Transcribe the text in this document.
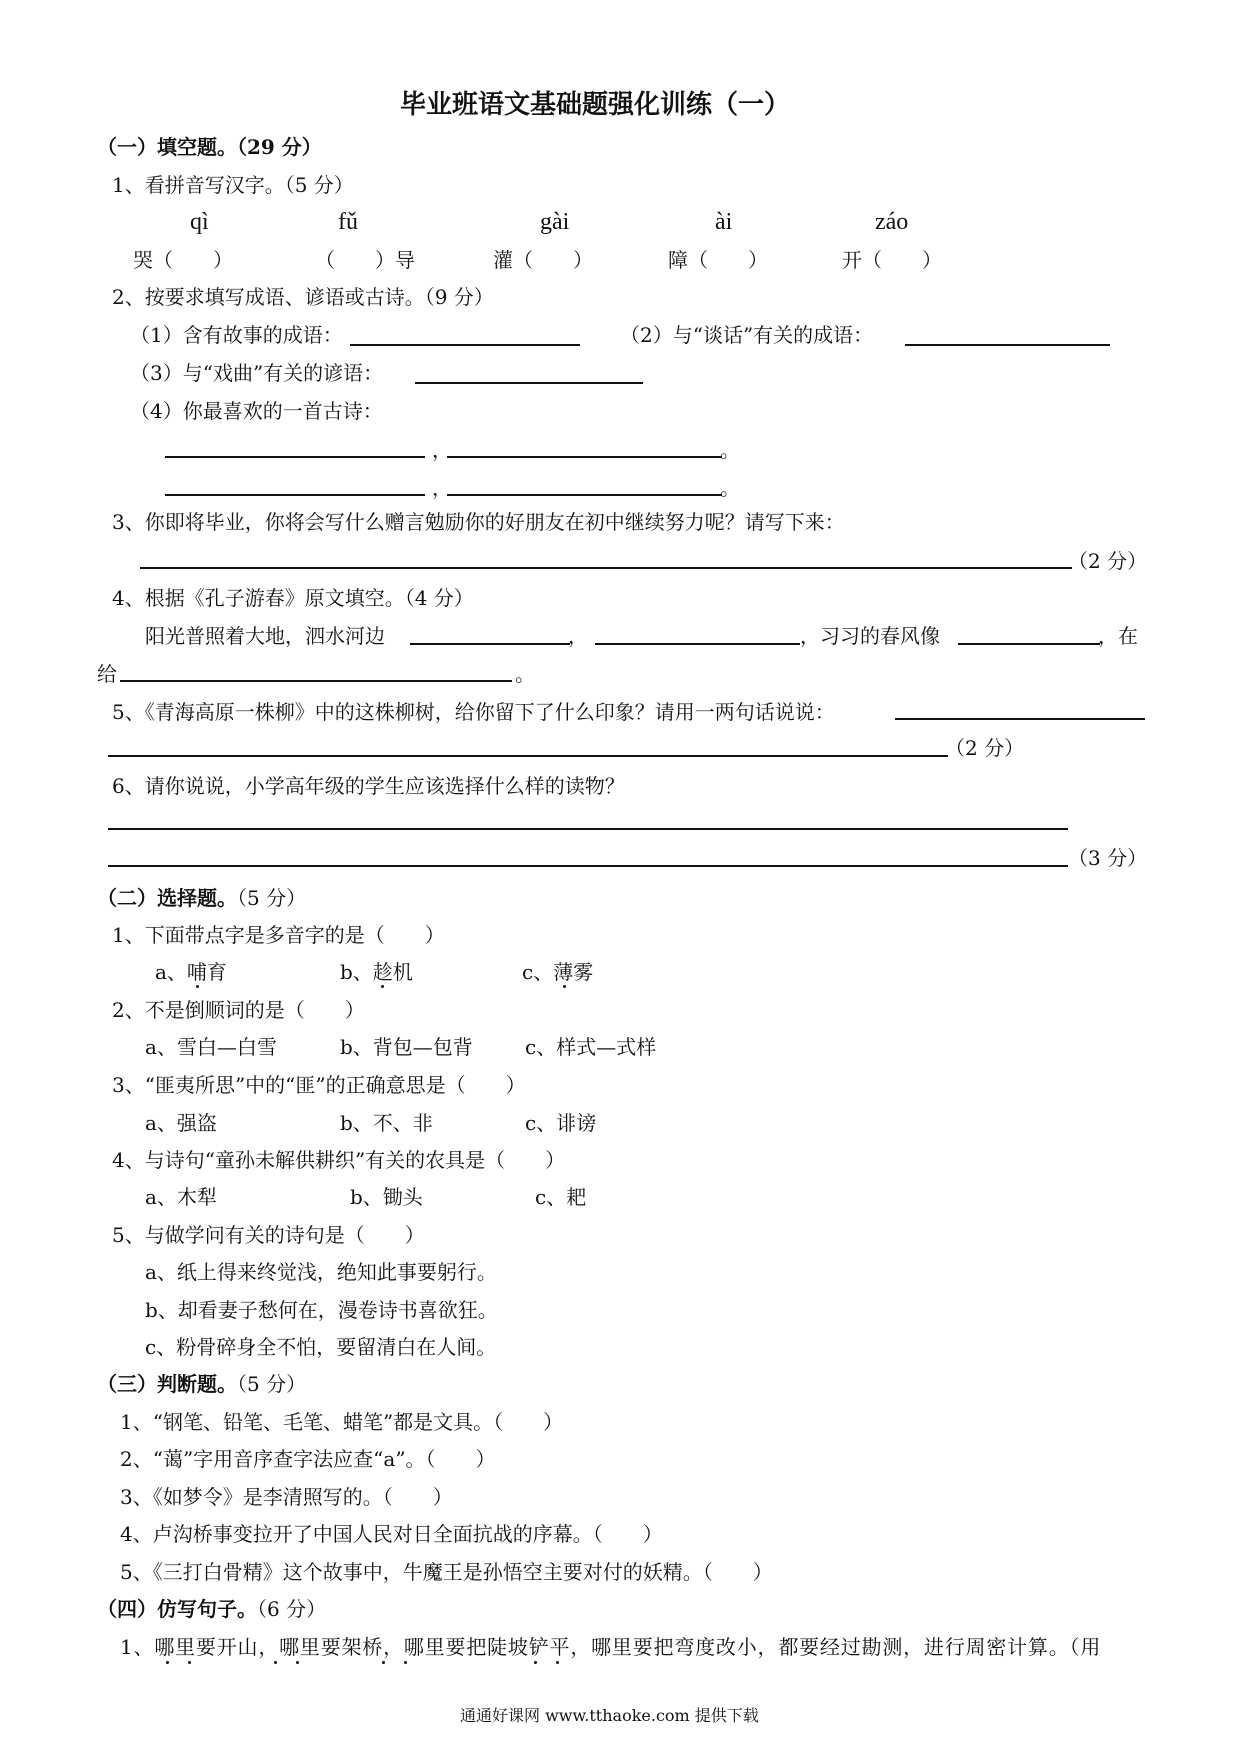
毕业班语文基础题强化训练（一）
（一）填空题。（29 分）
1、看拼音写汉字。（5 分）
qì	fǔ	gài	ài	záo
哭（　　）	（　　）导	灌（　　）	障（　　）	开（　　）
2、按要求填写成语、谚语或古诗。（9 分）
（1）含有故事的成语：	（2）与“谈话”有关的成语：
（3）与“戏曲”有关的谚语：
（4）你最喜欢的一首古诗：
，	。
，	。
3、你即将毕业，你将会写什么赠言勉励你的好朋友在初中继续努力呢？请写下来：
（2 分）
4、根据《孔子游春》原文填空。（4 分）
阳光普照着大地，泗水河边	，	，习习的春风像	，在
给	。
5、《青海高原一株柳》中的这株柳树，给你留下了什么印象？请用一两句话说说：
（2 分）
6、请你说说，小学高年级的学生应该选择什么样的读物？
（3 分）
（二）选择题。（5 分）
1、下面带点字是多音字的是（　　）
a、哺育	b、趁机	c、薄雾
2、不是倒顺词的是（　　）
a、雪白—白雪	b、背包—包背	c、样式—式样
3、“匪夷所思”中的“匪”的正确意思是（　　）
a、强盗	b、不、非	c、诽谤
4、与诗句“童孙未解供耕织”有关的农具是（　　）
a、木犁	b、锄头	c、耙
5、与做学问有关的诗句是（　　）
a、纸上得来终觉浅，绝知此事要躬行。
b、却看妻子愁何在，漫卷诗书喜欲狂。
c、粉骨碎身全不怕，要留清白在人间。
（三）判断题。（5 分）
1、“钢笔、铅笔、毛笔、蜡笔”都是文具。（　　）
2、“蔼”字用音序查字法应查“a”。（　　）
3、《如梦令》是李清照写的。（　　）
4、卢沟桥事变拉开了中国人民对日全面抗战的序幕。（　　）
5、《三打白骨精》这个故事中，牛魔王是孙悟空主要对付的妖精。（　　）
（四）仿写句子。（6 分）
1、哪里要开山，哪里要架桥，哪里要把陡坡铲平，哪里要把弯度改小，都要经过勘测，进行周密计算。（用
通通好课网 www.tthaoke.com 提供下载
